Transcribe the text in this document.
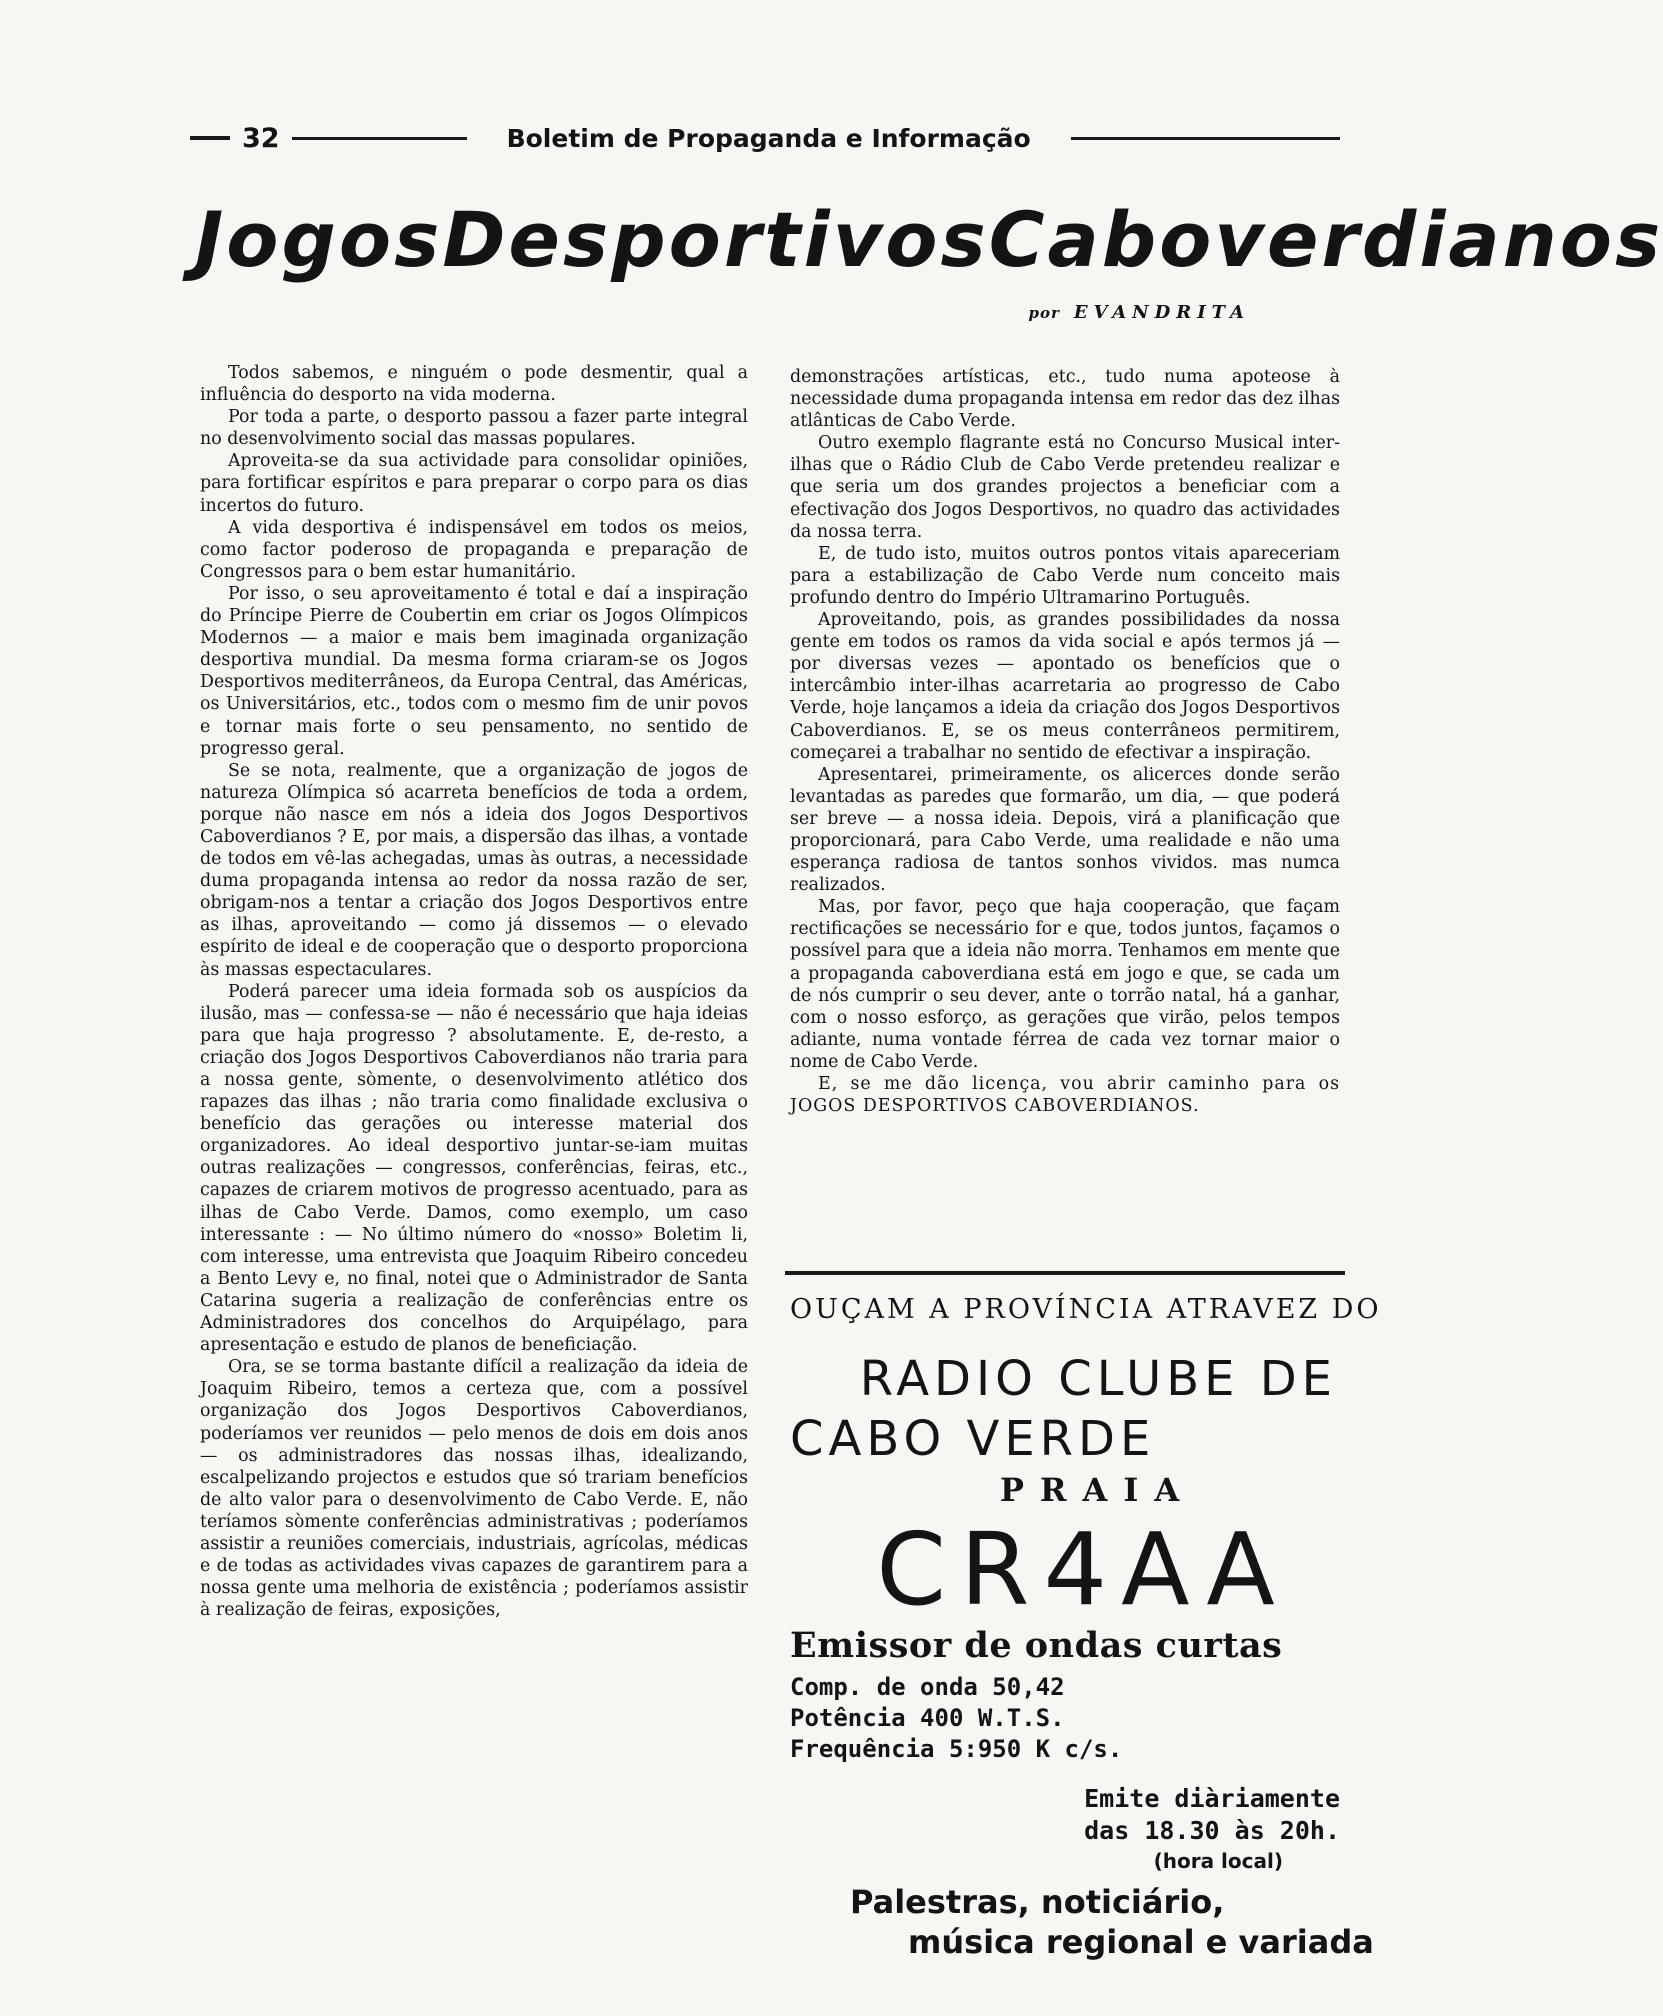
32	Boletim de Propaganda e Informação
Jogos Desportivos Caboverdianos
por EVANDRITA

Todos sabemos, e ninguém o pode desmentir, qual a influência do desporto na vida moderna.

Por toda a parte, o desporto passou a fazer parte integral no desenvolvimento social das massas populares.

Aproveita-se da sua actividade para consolidar opiniões, para fortificar espíritos e para preparar o corpo para os dias incertos do futuro.

A vida desportiva é indispensável em todos os meios, como factor poderoso de propaganda e preparação de Congressos para o bem estar humanitário.

Por isso, o seu aproveitamento é total e daí a inspiração do Príncipe Pierre de Coubertin em criar os Jogos Olímpicos Modernos — a maior e mais bem imaginada organização desportiva mundial. Da mesma forma criaram-se os Jogos Desportivos mediterrâneos, da Europa Central, das Américas, os Universitários, etc., todos com o mesmo fim de unir povos e tornar mais forte o seu pensamento, no sentido de progresso geral.

Se se nota, realmente, que a organização de jogos de natureza Olímpica só acarreta benefícios de toda a ordem, porque não nasce em nós a ideia dos Jogos Desportivos Caboverdianos ? E, por mais, a dispersão das ilhas, a vontade de todos em vê-las achegadas, umas às outras, a necessidade duma propaganda intensa ao redor da nossa razão de ser, obrigam-nos a tentar a criação dos Jogos Desportivos entre as ilhas, aproveitando — como já dissemos — o elevado espírito de ideal e de cooperação que o desporto proporciona às massas espectaculares.

Poderá parecer uma ideia formada sob os auspícios da ilusão, mas — confessa-se — não é necessário que haja ideias para que haja progresso ? absolutamente. E, de-resto, a criação dos Jogos Desportivos Caboverdianos não traria para a nossa gente, sòmente, o desenvolvimento atlético dos rapazes das ilhas ; não traria como finalidade exclusiva o benefício das gerações ou interesse material dos organizadores. Ao ideal desportivo juntar-se-iam muitas outras realizações — congressos, conferências, feiras, etc., capazes de criarem motivos de progresso acentuado, para as ilhas de Cabo Verde. Damos, como exemplo, um caso interessante : — No último número do «nosso» Boletim li, com interesse, uma entrevista que Joaquim Ribeiro concedeu a Bento Levy e, no final, notei que o Administrador de Santa Catarina sugeria a realização de conferências entre os Administradores dos concelhos do Arquipélago, para apresentação e estudo de planos de beneficiação.

Ora, se se torma bastante difícil a realização da ideia de Joaquim Ribeiro, temos a certeza que, com a possível organização dos Jogos Desportivos Caboverdianos, poderíamos ver reunidos — pelo menos de dois em dois anos — os administradores das nossas ilhas, idealizando, escalpelizando projectos e estudos que só trariam benefícios de alto valor para o desenvolvimento de Cabo Verde. E, não teríamos sòmente conferências administrativas ; poderíamos assistir a reuniões comerciais, industriais, agrícolas, médicas e de todas as actividades vivas capazes de garantirem para a nossa gente uma melhoria de existência ; poderíamos assistir à realização de feiras, exposições,

demonstrações artísticas, etc., tudo numa apoteose à necessidade duma propaganda intensa em redor das dez ilhas atlânticas de Cabo Verde.

Outro exemplo flagrante está no Concurso Musical inter-ilhas que o Rádio Club de Cabo Verde pretendeu realizar e que seria um dos grandes projectos a beneficiar com a efectivação dos Jogos Desportivos, no quadro das actividades da nossa terra.

E, de tudo isto, muitos outros pontos vitais apareceriam para a estabilização de Cabo Verde num conceito mais profundo dentro do Império Ultramarino Português.

Aproveitando, pois, as grandes possibilidades da nossa gente em todos os ramos da vida social e após termos já — por diversas vezes — apontado os benefícios que o intercâmbio inter-ilhas acarretaria ao progresso de Cabo Verde, hoje lançamos a ideia da criação dos Jogos Desportivos Caboverdianos. E, se os meus conterrâneos permitirem, começarei a trabalhar no sentido de efectivar a inspiração.

Apresentarei, primeiramente, os alicerces donde serão levantadas as paredes que formarão, um dia, — que poderá ser breve — a nossa ideia. Depois, virá a planificação que proporcionará, para Cabo Verde, uma realidade e não uma esperança radiosa de tantos sonhos vividos. mas numca realizados.

Mas, por favor, peço que haja cooperação, que façam rectificações se necessário for e que, todos juntos, façamos o possível para que a ideia não morra. Tenhamos em mente que a propaganda caboverdiana está em jogo e que, se cada um de nós cumprir o seu dever, ante o torrão natal, há a ganhar, com o nosso esforço, as gerações que virão, pelos tempos adiante, numa vontade férrea de cada vez tornar maior o nome de Cabo Verde.

E, se me dão licença, vou abrir caminho para os JOGOS DESPORTIVOS CABOVERDIANOS.

OUÇAM A PROVÍNCIA ATRAVEZ DO
RADIO CLUBE DE
CABO VERDE
PRAIA
CR4AA
Emissor de ondas curtas
Comp. de onda 50,42
Potência 400 W.T.S.
Frequência 5:950 K c/s.
Emite diàriamente
das 18.30 às 20h.
(hora local)
Palestras, noticiário,
música regional e variada
